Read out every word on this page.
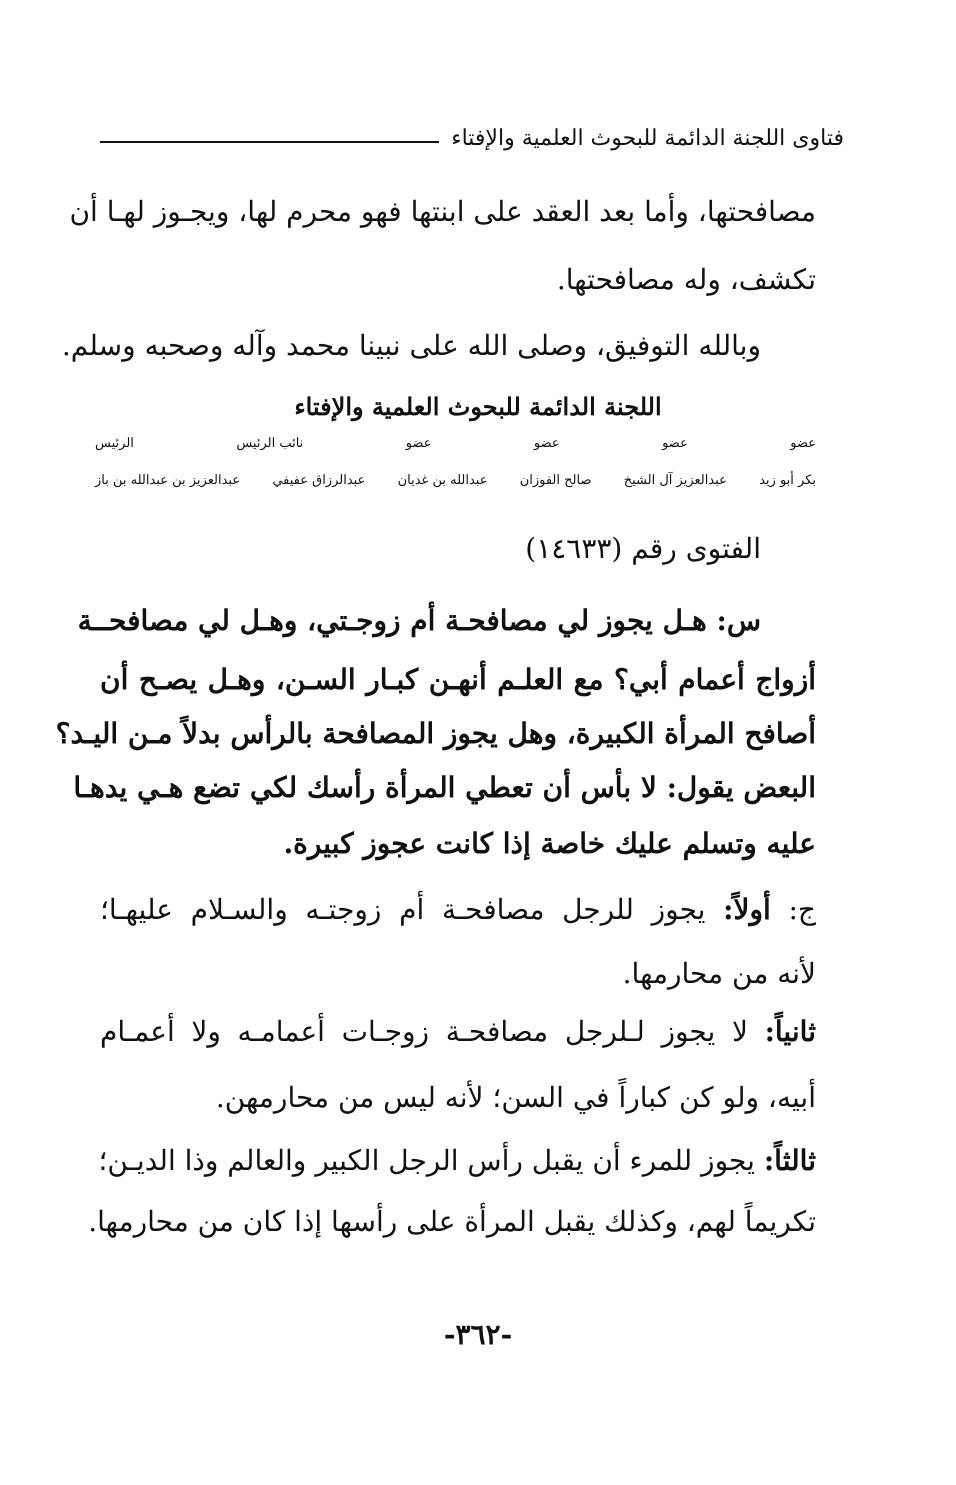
فتاوى اللجنة الدائمة للبحوث العلمية والإفتاء
مصافحتها، وأما بعد العقد على ابنتها فهو محرم لها، ويجـوز لهـا أن
تكشف، وله مصافحتها.
وبالله التوفيق، وصلى الله على نبينا محمد وآله وصحبه وسلم.
اللجنة الدائمة للبحوث العلمية والإفتاء
عضو
عضو
عضو
عضو
نائب الرئيس
الرئيس
بكر أبو زيد
عبدالعزيز آل الشيخ
صالح الفوزان
عبدالله بن غديان
عبدالرزاق عفيفي
عبدالعزيز بن عبدالله بن باز
الفتوى رقم (١٤٦٣٣)
س: هـل يجوز لي مصافحـة أم زوجـتي، وهـل لي مصافحــة
أزواج أعمام أبي؟ مع العلـم أنهـن كبـار السـن، وهـل يصـح أن
أصافح المرأة الكبيرة، وهل يجوز المصافحة بالرأس بدلاً مـن اليـد؟
البعض يقول: لا بأس أن تعطي المرأة رأسك لكي تضع هـي يدهـا
عليه وتسلم عليك خاصة إذا كانت عجوز كبيرة.
ج: أولاً: يجوز للرجل مصافحـة أم زوجتـه والسـلام عليهـا؛
لأنه من محارمها.
ثانياً: لا يجوز لـلرجل مصافحـة زوجـات أعمامـه ولا أعمـام
أبيه، ولو كن كباراً في السن؛ لأنه ليس من محارمهن.
ثالثاً: يجوز للمرء أن يقبل رأس الرجل الكبير والعالم وذا الديـن؛
تكريماً لهم، وكذلك يقبل المرأة على رأسها إذا كان من محارمها.
-٣٦٢-
